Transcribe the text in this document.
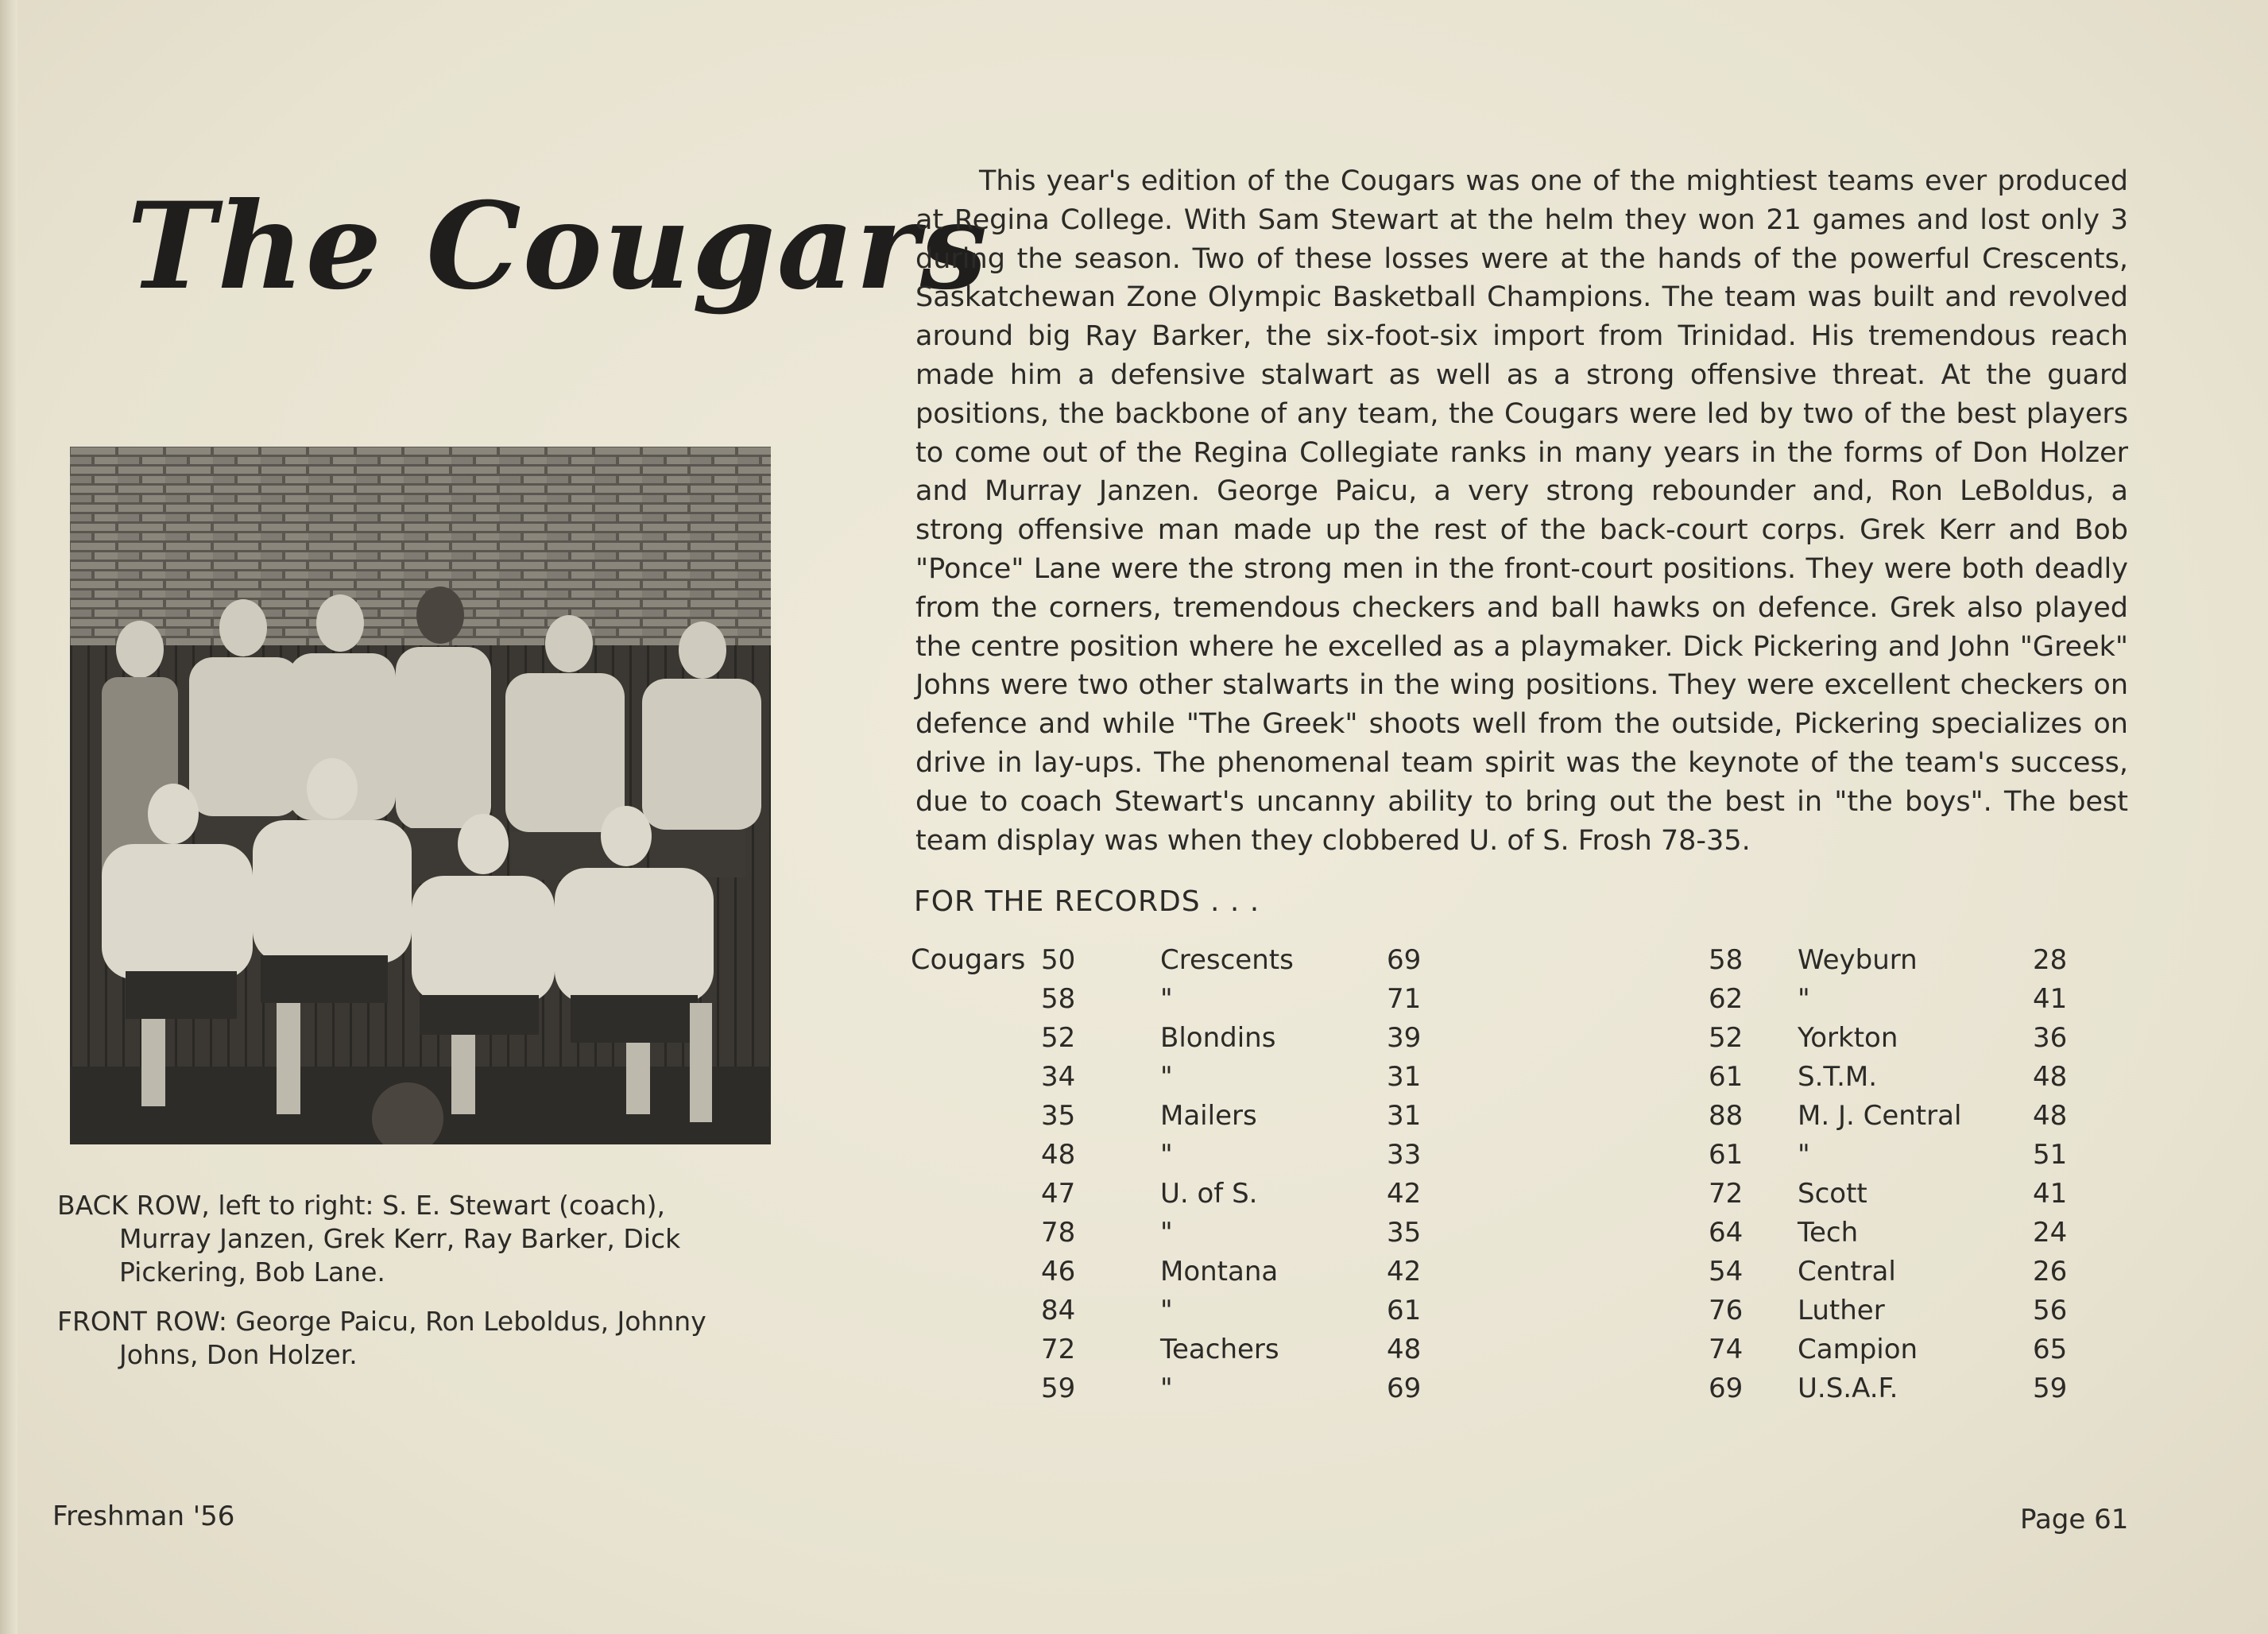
The Cougars
BACK ROW, left to right: S. E. Stewart (coach),
Murray Janzen, Grek Kerr, Ray Barker, Dick
Pickering, Bob Lane.
FRONT ROW: George Paicu, Ron Leboldus, Johnny
Johns, Don Holzer.

This year's edition of the Cougars was one of the mightiest teams ever produced at Regina College. With Sam Stewart at the helm they won 21 games and lost only 3 during the season. Two of these losses were at the hands of the powerful Crescents, Saskatchewan Zone Olympic Basketball Champions. The team was built and revolved around big Ray Barker, the six-foot-six import from Trinidad. His tremendous reach made him a defensive stalwart as well as a strong offensive threat. At the guard positions, the backbone of any team, the Cougars were led by two of the best players to come out of the Regina Collegiate ranks in many years in the forms of Don Holzer and Murray Janzen. George Paicu, a very strong rebounder and, Ron LeBoldus, a strong offensive man made up the rest of the back-court corps. Grek Kerr and Bob "Ponce" Lane were the strong men in the front-court positions. They were both deadly from the corners, tremendous checkers and ball hawks on defence. Grek also played the centre position where he excelled as a playmaker. Dick Pickering and John "Greek" Johns were two other stalwarts in the wing positions. They were excellent checkers on defence and while "The Greek" shoots well from the outside, Pickering specializes on drive in lay-ups. The phenomenal team spirit was the keynote of the team's success, due to coach Stewart's uncanny ability to bring out the best in "the boys". The best team display was when they clobbered U. of S. Frosh 78-35.

FOR THE RECORDS . . .
Cougars 50	Crescents	69
58	"	71
52	Blondins	39
34	"	31
35	Mailers	31
48	"	33
47	U. of S.	42
78	"	35
46	Montana	42
84	"	61
72	Teachers	48
59	"	69
58 Weyburn	28
62 "	41
52 Yorkton	36
61 S.T.M.	48
88 M. J. Central	48
61 "	51
72 Scott	41
64 Tech	24
54 Central	26
76 Luther	56
74 Campion	65
69 U.S.A.F.	59
Freshman '56	Page 61
